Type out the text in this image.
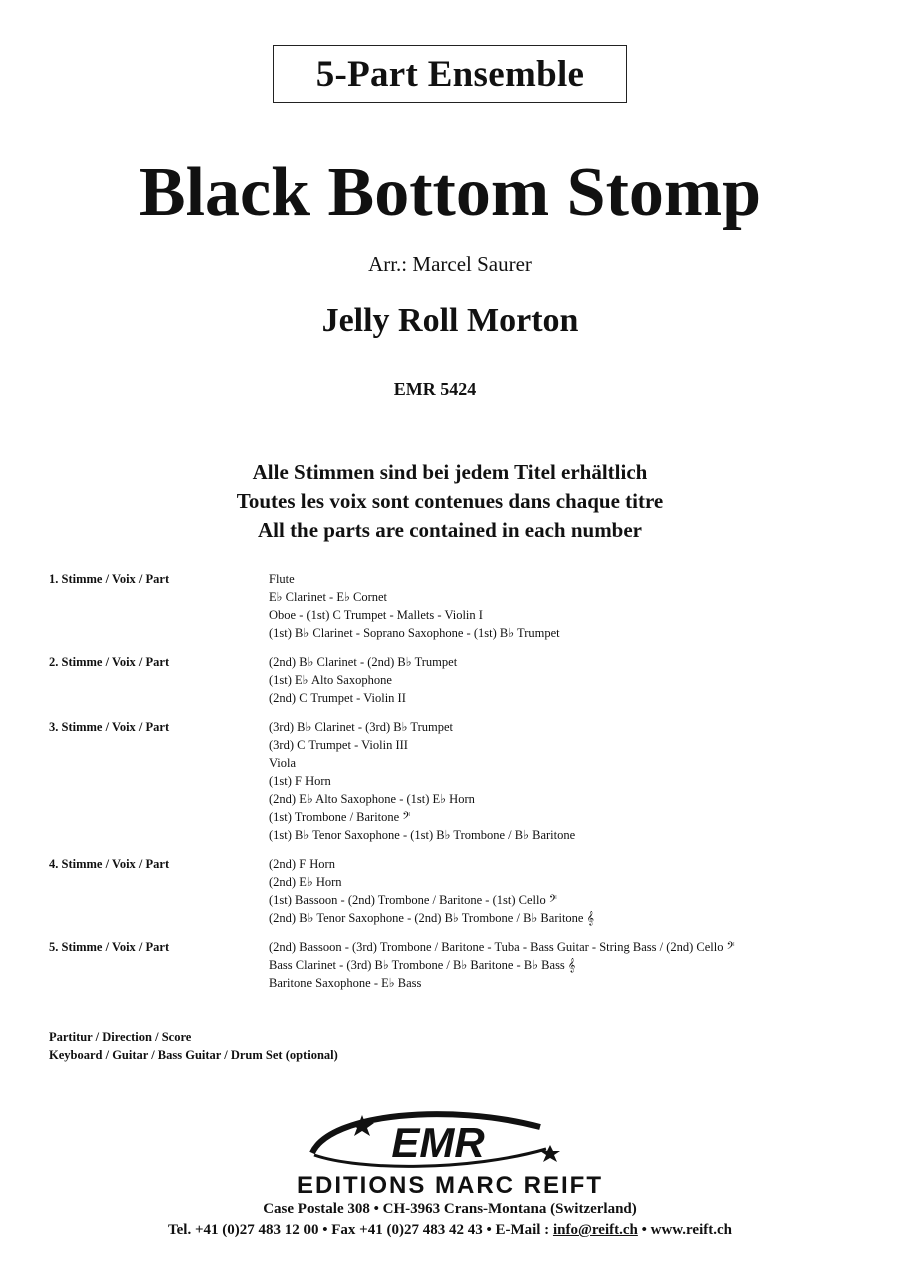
5-Part Ensemble
Black Bottom Stomp
Arr.: Marcel Saurer
Jelly Roll Morton
EMR 5424
Alle Stimmen sind bei jedem Titel erhältlich
Toutes les voix sont contenues dans chaque titre
All the parts are contained in each number
1. Stimme / Voix / Part	Flute
E♭ Clarinet - E♭ Cornet
Oboe - (1st) C Trumpet - Mallets - Violin I
(1st) B♭ Clarinet - Soprano Saxophone - (1st) B♭ Trumpet
2. Stimme / Voix / Part	(2nd) B♭ Clarinet - (2nd) B♭ Trumpet
(1st) E♭ Alto Saxophone
(2nd) C Trumpet - Violin II
3. Stimme / Voix / Part	(3rd) B♭ Clarinet - (3rd) B♭ Trumpet
(3rd) C Trumpet - Violin III
Viola
(1st) F Horn
(2nd) E♭ Alto Saxophone - (1st) E♭ Horn
(1st) Trombone / Baritone 𝄢
(1st) B♭ Tenor Saxophone - (1st) B♭ Trombone / B♭ Baritone
4. Stimme / Voix / Part	(2nd) F Horn
(2nd) E♭ Horn
(1st) Bassoon - (2nd) Trombone / Baritone - (1st) Cello 𝄢
(2nd) B♭ Tenor Saxophone - (2nd) B♭ Trombone / B♭ Baritone 𝄞
5. Stimme / Voix / Part	(2nd) Bassoon - (3rd) Trombone / Baritone - Tuba - Bass Guitar - String Bass / (2nd) Cello 𝄢
Bass Clarinet - (3rd) B♭ Trombone / B♭ Baritone - B♭ Bass 𝄞
Baritone Saxophone - E♭ Bass
Partitur / Direction / Score
Keyboard / Guitar / Bass Guitar / Drum Set (optional)
EMR
EDITIONS MARC REIFT
Case Postale 308 • CH-3963 Crans-Montana (Switzerland)
Tel. +41 (0)27 483 12 00 • Fax +41 (0)27 483 42 43 • E-Mail : info@reift.ch • www.reift.ch
